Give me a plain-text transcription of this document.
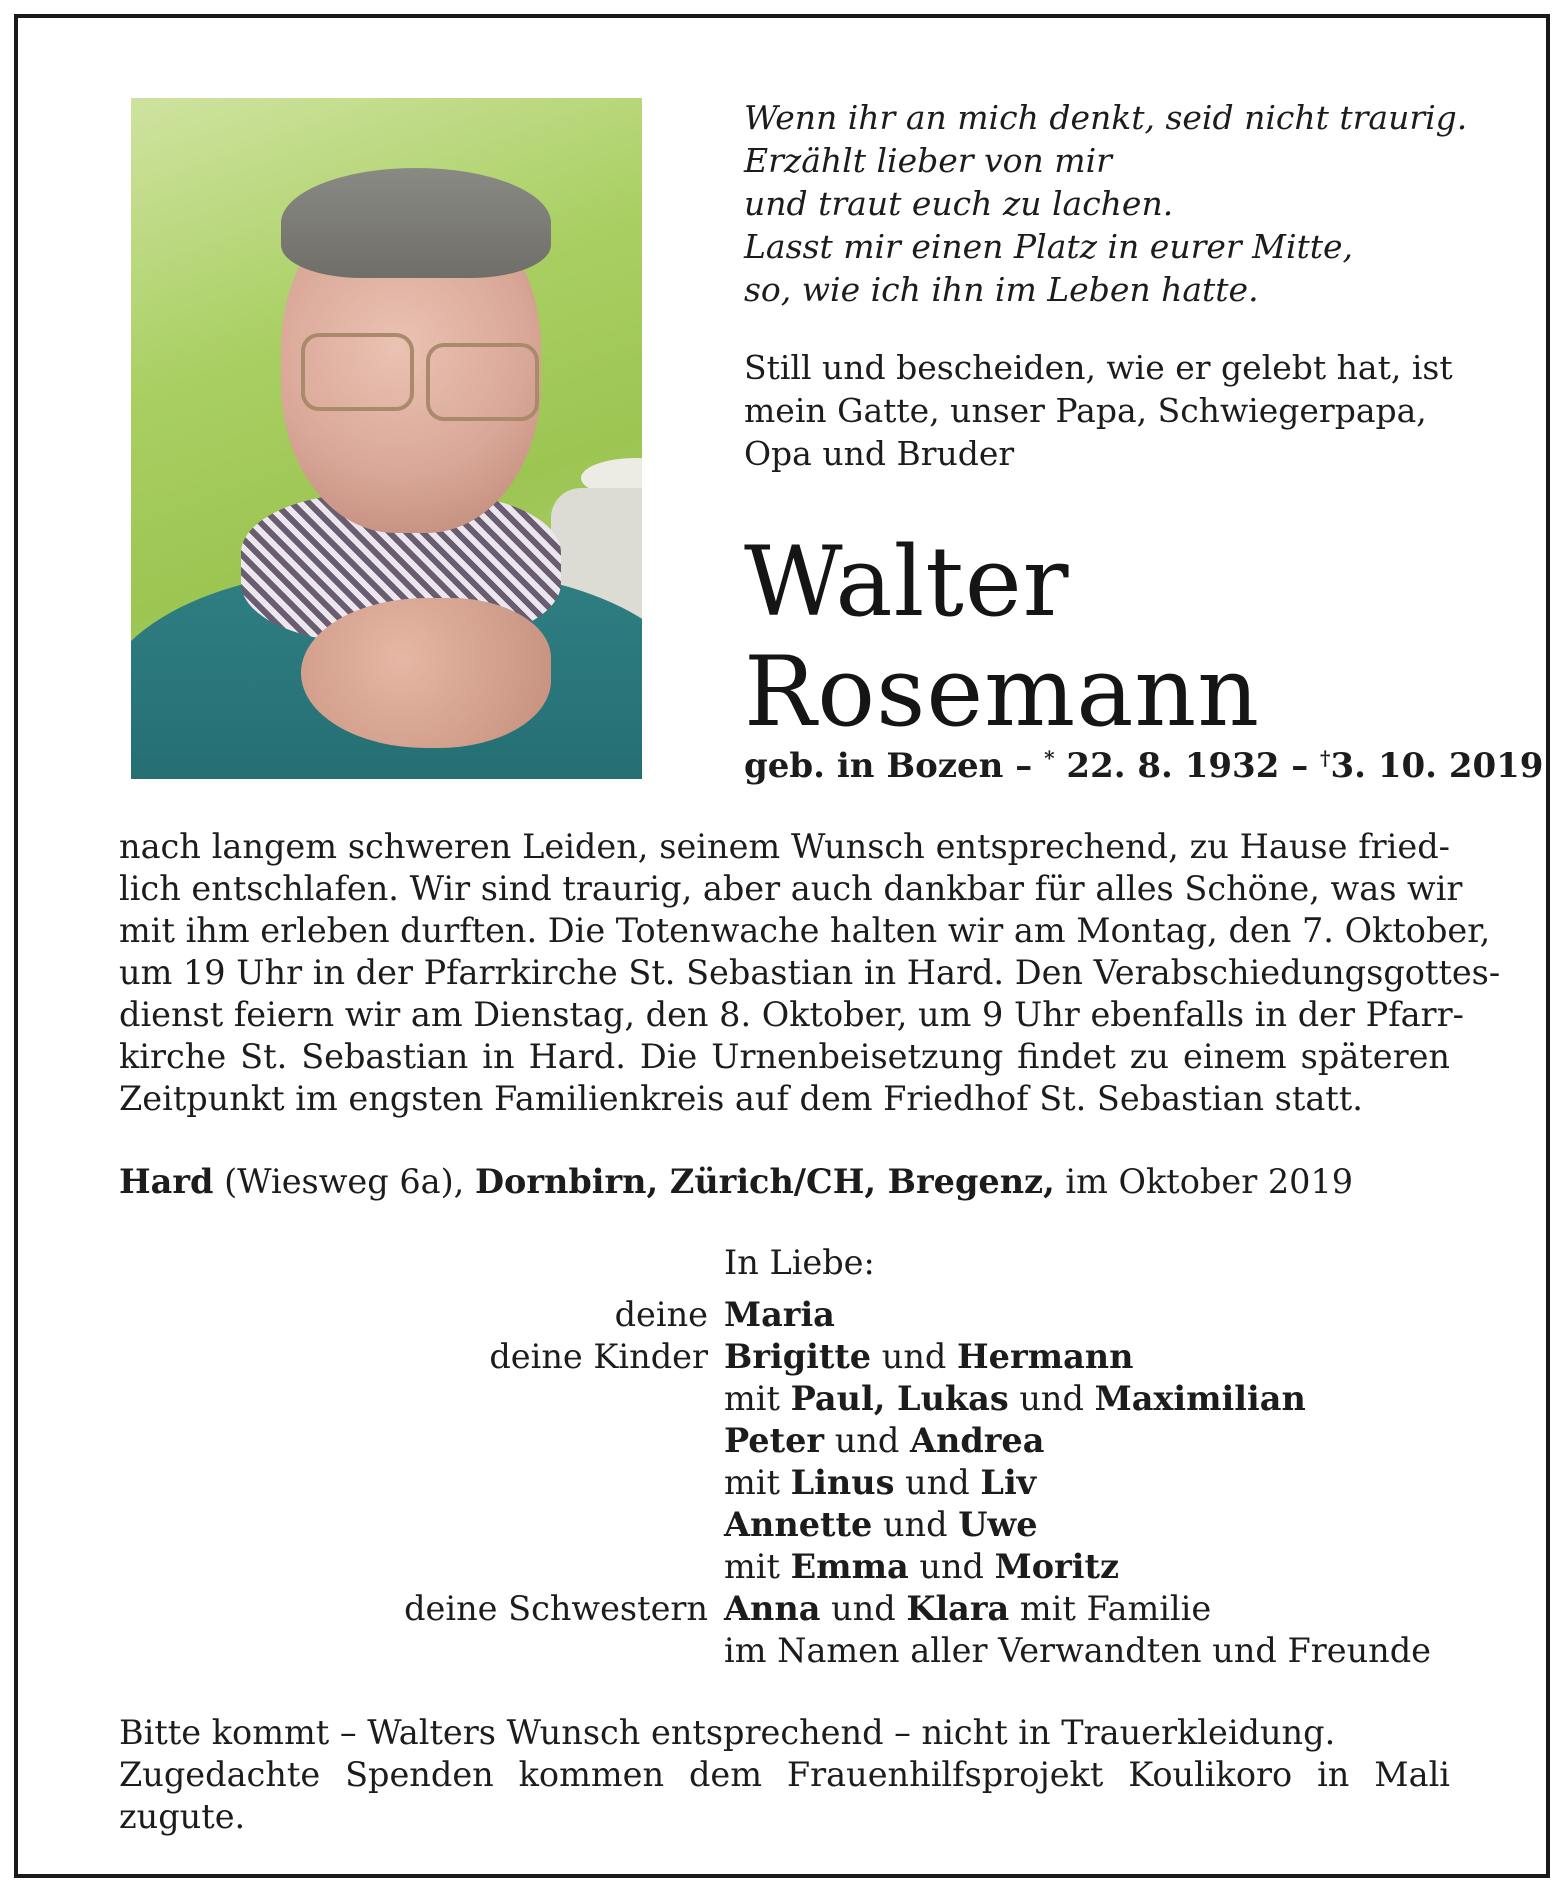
Wenn ihr an mich denkt, seid nicht traurig.
Erzählt lieber von mir
und traut euch zu lachen.
Lasst mir einen Platz in eurer Mitte,
so, wie ich ihn im Leben hatte.
Still und bescheiden, wie er gelebt hat, ist
mein Gatte, unser Papa, Schwiegerpapa,
Opa und Bruder
Walter
Rosemann
geb. in Bozen – * 22. 8. 1932 – †3. 10. 2019
nach langem schweren Leiden, seinem Wunsch entsprechend, zu Hause fried-
lich entschlafen. Wir sind traurig, aber auch dankbar für alles Schöne, was wir
mit ihm erleben durften. Die Totenwache halten wir am Montag, den 7. Oktober,
um 19 Uhr in der Pfarrkirche St. Sebastian in Hard. Den Verabschiedungsgottes-
dienst feiern wir am Dienstag, den 8. Oktober, um 9 Uhr ebenfalls in der Pfarr-
kirche St. Sebastian in Hard. Die Urnenbeisetzung findet zu einem späteren
Zeitpunkt im engsten Familienkreis auf dem Friedhof St. Sebastian statt.
Hard (Wiesweg 6a), Dornbirn, Zürich/CH, Bregenz, im Oktober 2019
In Liebe:
deine Maria
deine Kinder Brigitte und Hermann
mit Paul, Lukas und Maximilian
Peter und Andrea
mit Linus und Liv
Annette und Uwe
mit Emma und Moritz
deine Schwestern Anna und Klara mit Familie
im Namen aller Verwandten und Freunde
Bitte kommt – Walters Wunsch entsprechend – nicht in Trauerkleidung.
Zugedachte Spenden kommen dem Frauenhilfsprojekt Koulikoro in Mali zugute.
